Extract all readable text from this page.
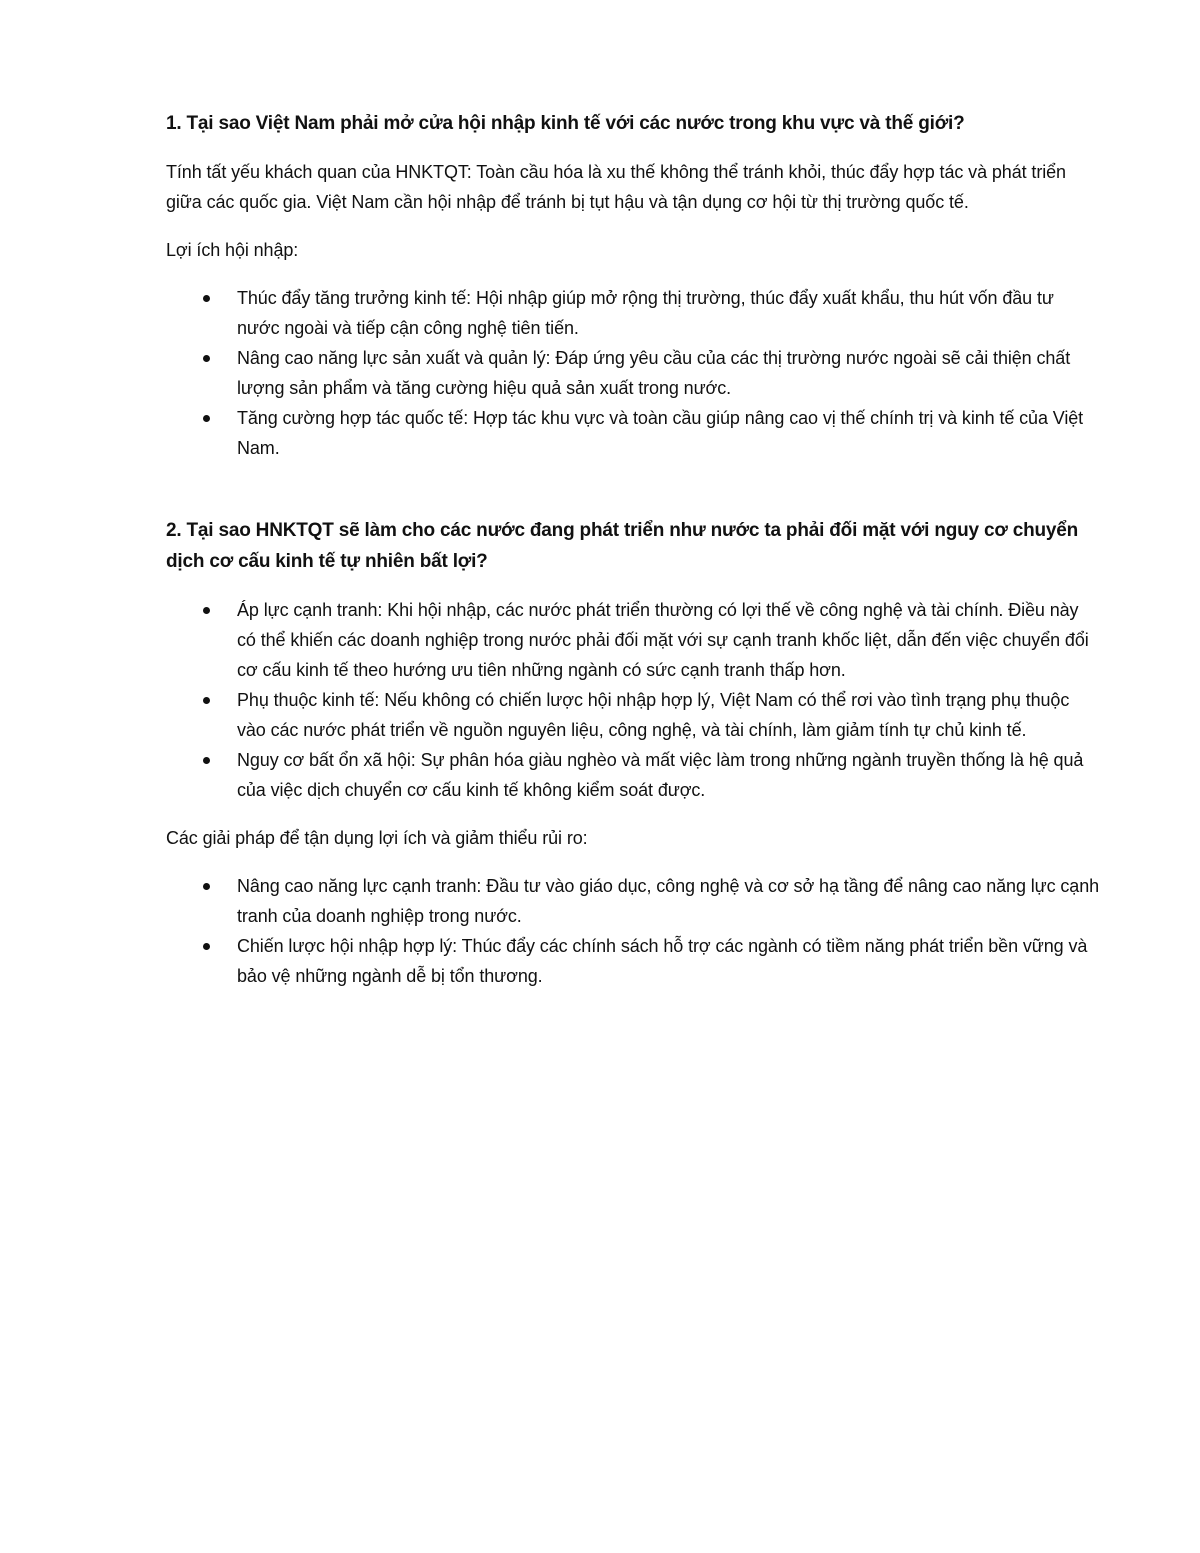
1. Tại sao Việt Nam phải mở cửa hội nhập kinh tế với các nước trong khu vực và thế giới?

Tính tất yếu khách quan của HNKTQT: Toàn cầu hóa là xu thế không thể tránh khỏi, thúc đẩy hợp tác và phát triển giữa các quốc gia. Việt Nam cần hội nhập để tránh bị tụt hậu và tận dụng cơ hội từ thị trường quốc tế.

Lợi ích hội nhập:

Thúc đẩy tăng trưởng kinh tế: Hội nhập giúp mở rộng thị trường, thúc đẩy xuất khẩu, thu hút vốn đầu tư nước ngoài và tiếp cận công nghệ tiên tiến.
Nâng cao năng lực sản xuất và quản lý: Đáp ứng yêu cầu của các thị trường nước ngoài sẽ cải thiện chất lượng sản phẩm và tăng cường hiệu quả sản xuất trong nước.
Tăng cường hợp tác quốc tế: Hợp tác khu vực và toàn cầu giúp nâng cao vị thế chính trị và kinh tế của Việt Nam.

2. Tại sao HNKTQT sẽ làm cho các nước đang phát triển như nước ta phải đối mặt với nguy cơ chuyển dịch cơ cấu kinh tế tự nhiên bất lợi?

Áp lực cạnh tranh: Khi hội nhập, các nước phát triển thường có lợi thế về công nghệ và tài chính. Điều này có thể khiến các doanh nghiệp trong nước phải đối mặt với sự cạnh tranh khốc liệt, dẫn đến việc chuyển đổi cơ cấu kinh tế theo hướng ưu tiên những ngành có sức cạnh tranh thấp hơn.
Phụ thuộc kinh tế: Nếu không có chiến lược hội nhập hợp lý, Việt Nam có thể rơi vào tình trạng phụ thuộc vào các nước phát triển về nguồn nguyên liệu, công nghệ, và tài chính, làm giảm tính tự chủ kinh tế.
Nguy cơ bất ổn xã hội: Sự phân hóa giàu nghèo và mất việc làm trong những ngành truyền thống là hệ quả của việc dịch chuyển cơ cấu kinh tế không kiểm soát được.

Các giải pháp để tận dụng lợi ích và giảm thiểu rủi ro:

Nâng cao năng lực cạnh tranh: Đầu tư vào giáo dục, công nghệ và cơ sở hạ tầng để nâng cao năng lực cạnh tranh của doanh nghiệp trong nước.
Chiến lược hội nhập hợp lý: Thúc đẩy các chính sách hỗ trợ các ngành có tiềm năng phát triển bền vững và bảo vệ những ngành dễ bị tổn thương.
